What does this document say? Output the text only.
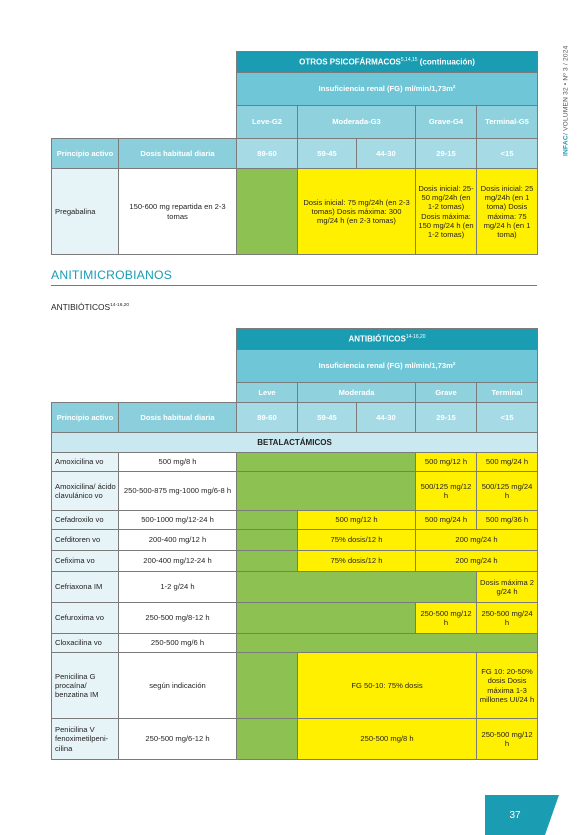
INFAC
/ VOLUMEN 32 • Nº 3 / 2024
		OTROS PSICOFÁRMACOS$^{5,14,15}$ (continuación)				
		Insuficiencia renal (FG) ml/min/1,73m²				
		Leve-G2	Moderada-G3		Grave-G4	Terminal-G5
Principio activo	Dosis habitual diaria	89-60	59-45	44-30	29-15	<15
Pregabalina	150-600 mg repartida en 2-3 tomas		Dosis inicial: 75 mg/24h (en 2-3 tomas) Dosis máxima: 300 mg/24 h (en 2-3 tomas)		Dosis inicial: 25-50 mg/24h (en 1-2 tomas) Dosis máxima: 150 mg/24 h (en 1-2 tomas)	Dosis inicial: 25 mg/24h (en 1 toma) Dosis máxima: 75 mg/24 h (en 1 toma)
ANITIMICROBIANOS
ANTIBIÓTICOS$^{14-16,20}$
		ANTIBIÓTICOS$^{14-16,20}$
		Insuficiencia renal (FG) ml/min/1,73m²				
		Leve	Moderada		Grave	Terminal
Principio activo	Dosis habitual diaria	89-60	59-45	44-30	29-15	<15
BETALACTÁMICOS						
Amoxicilina vo	500 mg/8 h				500 mg/12 h	500 mg/24 h
Amoxicilina/ ácido clavulánico vo	250-500-875 mg-1000 mg/6-8 h				500/125 mg/12 h	500/125 mg/24 h
Cefadroxilo vo	500-1000 mg/12-24 h		500 mg/12 h		500 mg/24 h	500 mg/36 h
Cefditoren vo	200-400 mg/12 h		75% dosis/12 h		200 mg/24 h	
Cefixima vo	200-400 mg/12-24 h		75% dosis/12 h		200 mg/24 h	
Cefriaxona IM	1-2 g/24 h					Dosis máxima 2 g/24 h
Cefuroxima vo	250-500 mg/8-12 h				250-500 mg/12 h	250-500 mg/24 h
Cloxacilina vo	250-500 mg/6 h					
Penicilina G procaína/ benzatina IM	según indicación		FG 50-10: 75% dosis			FG 10: 20-50% dosis Dosis máxima 1-3 millones UI/24 h
Penicilina V fenoximetilpeni-cilina	250-500 mg/6-12 h		250-500 mg/8 h			250-500 mg/12 h
37
